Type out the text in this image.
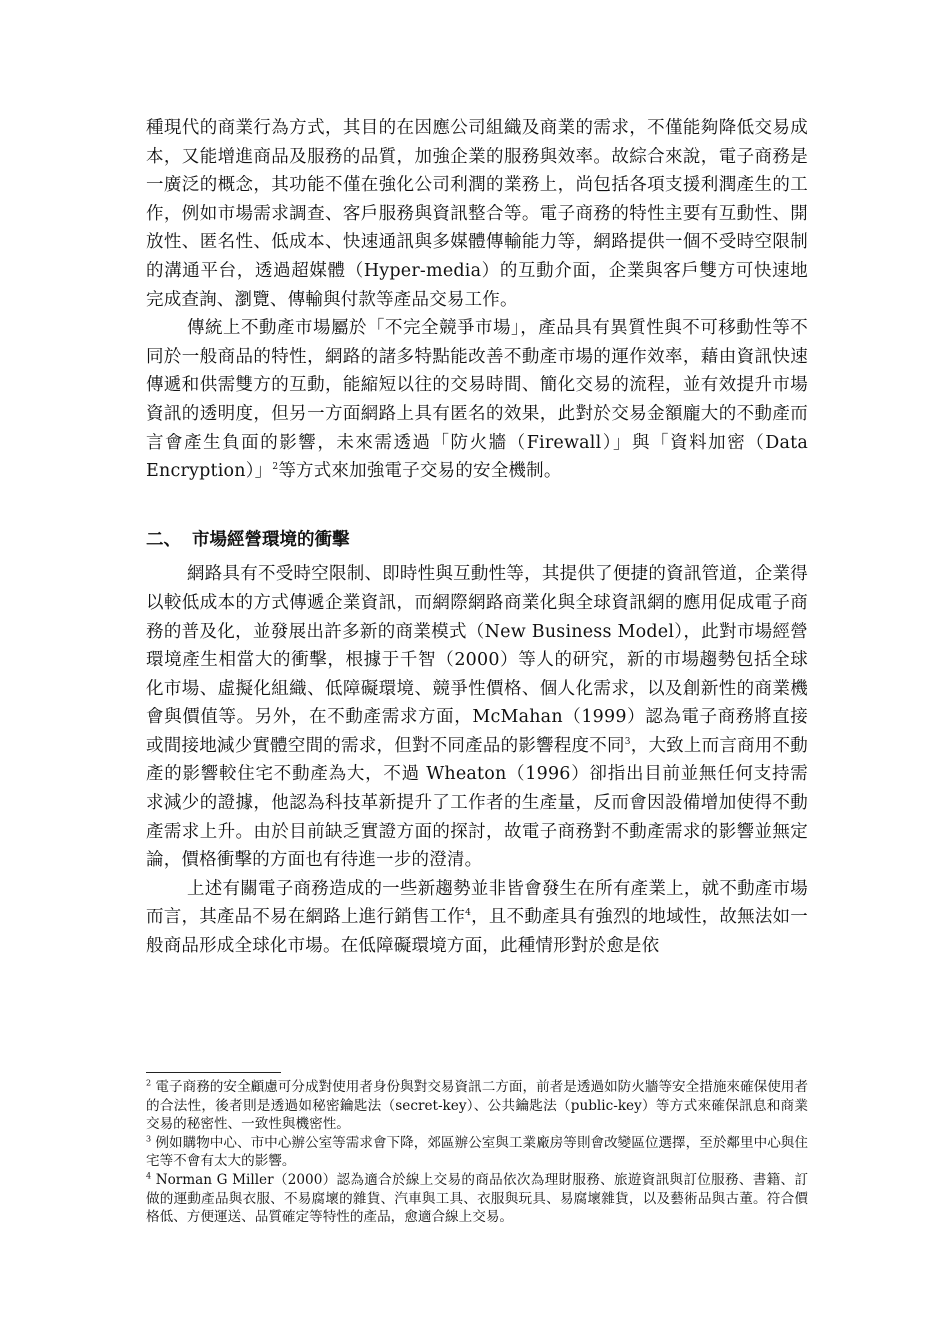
種現代的商業行為方式，其目的在因應公司組織及商業的需求，不僅能夠降低交易成本，又能增進商品及服務的品質，加強企業的服務與效率。故綜合來說，電子商務是一廣泛的概念，其功能不僅在強化公司利潤的業務上，尚包括各項支援利潤產生的工作，例如市場需求調查、客戶服務與資訊整合等。電子商務的特性主要有互動性、開放性、匿名性、低成本、快速通訊與多媒體傳輸能力等，網路提供一個不受時空限制的溝通平台，透過超媒體（Hyper-media）的互動介面，企業與客戶雙方可快速地完成查詢、瀏覽、傳輸與付款等產品交易工作。

傳統上不動產市場屬於「不完全競爭市場」，產品具有異質性與不可移動性等不同於一般商品的特性，網路的諸多特點能改善不動產市場的運作效率，藉由資訊快速傳遞和供需雙方的互動，能縮短以往的交易時間、簡化交易的流程，並有效提升市場資訊的透明度，但另一方面網路上具有匿名的效果，此對於交易金額龐大的不動產而言會產生負面的影響，未來需透過「防火牆（Firewall）」與「資料加密（Data Encryption）」$^2$等方式來加強電子交易的安全機制。

二、 市場經營環境的衝擊

網路具有不受時空限制、即時性與互動性等，其提供了便捷的資訊管道，企業得以較低成本的方式傳遞企業資訊，而網際網路商業化與全球資訊網的應用促成電子商務的普及化，並發展出許多新的商業模式（New Business Model），此對市場經營環境產生相當大的衝擊，根據于千智（2000）等人的研究，新的市場趨勢包括全球化市場、虛擬化組織、低障礙環境、競爭性價格、個人化需求，以及創新性的商業機會與價值等。另外，在不動產需求方面，McMahan（1999）認為電子商務將直接或間接地減少實體空間的需求，但對不同產品的影響程度不同$^3$，大致上而言商用不動產的影響較住宅不動產為大，不過 Wheaton（1996）卻指出目前並無任何支持需求減少的證據，他認為科技革新提升了工作者的生產量，反而會因設備增加使得不動產需求上升。由於目前缺乏實證方面的探討，故電子商務對不動產需求的影響並無定論，價格衝擊的方面也有待進一步的澄清。

上述有關電子商務造成的一些新趨勢並非皆會發生在所有產業上，就不動產市場而言，其產品不易在網路上進行銷售工作$^4$，且不動產具有強烈的地域性，故無法如一般商品形成全球化市場。在低障礙環境方面，此種情形對於愈是依

$^2$ 電子商務的安全顧慮可分成對使用者身份與對交易資訊二方面，前者是透過如防火牆等安全措施來確保使用者的合法性，後者則是透過如秘密鑰匙法（secret-key）、公共鑰匙法（public-key）等方式來確保訊息和商業交易的秘密性、一致性與機密性。

$^3$ 例如購物中心、市中心辦公室等需求會下降，郊區辦公室與工業廠房等則會改變區位選擇，至於鄰里中心與住宅等不會有太大的影響。

$^4$ Norman G Miller（2000）認為適合於線上交易的商品依次為理財服務、旅遊資訊與訂位服務、書籍、訂做的運動產品與衣服、不易腐壞的雜貨、汽車與工具、衣服與玩具、易腐壞雜貨，以及藝術品與古董。符合價格低、方便運送、品質確定等特性的產品，愈適合線上交易。
